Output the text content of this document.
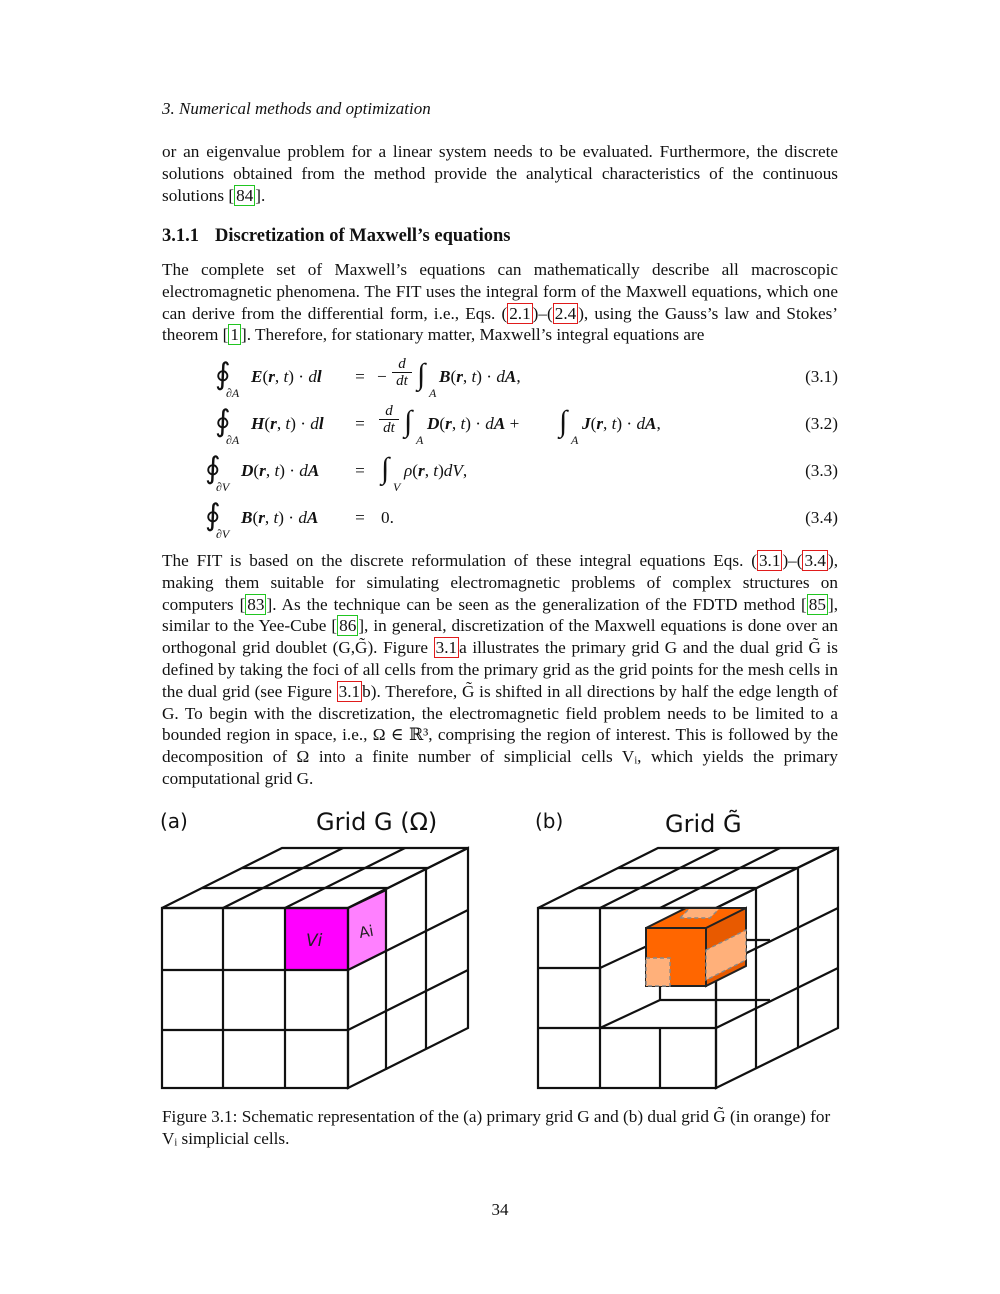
3. Numerical methods and optimization
or an eigenvalue problem for a linear system needs to be evaluated. Furthermore, the discrete solutions obtained from the method provide the analytical characteristics of the continuous solutions [ 84 ].
3.1.1 Discretization of Maxwell’s equations
The complete set of Maxwell’s equations can mathematically describe all macroscopic electromagnetic phenomena. The FIT uses the integral form of the Maxwell equations, which one can derive from the differential form, i.e., Eqs. ( 2.1 )–( 2.4 ), using the Gauss’s law and Stokes’ theorem [ 1 ]. Therefore, for stationary matter, Maxwell’s integral equations are
∮
∂A
E(r, t) · dl = − $\frac{d}{dt}$ ∫
A
B(r, t) · dA,	(3.1)
∮
∂A
H(r, t) · dl = $\frac{d}{dt}$ ∫
A
D(r, t) · dA + ∫
A
J(r, t) · dA,	(3.2)
∮
∂V
D(r, t) · dA = ∫
V
ρ(r, t)dV,	(3.3)
∮
∂V
B(r, t) · dA = 0.	(3.4)
The FIT is based on the discrete reformulation of these integral equations Eqs. ( 3.1 )–( 3.4 ), making them suitable for simulating electromagnetic problems of complex structures on computers [ 83 ]. As the technique can be seen as the generalization of the FDTD method [ 85 ], similar to the Yee-Cube [ 86 ], in general, discretization of the Maxwell equations is done over an orthogonal grid doublet (G,G̃). Figure 3.1 a illustrates the primary grid G and the dual grid G̃ is defined by taking the foci of all cells from the primary grid as the grid points for the mesh cells in the dual grid (see Figure 3.1 b). Therefore, G̃ is shifted in all directions by half the edge length of G. To begin with the discretization, the electromagnetic field problem needs to be limited to a bounded region in space, i.e., Ω ∈ ℝ³, comprising the region of interest. This is followed by the decomposition of Ω into a finite number of simplicial cells Vᵢ, which yields the primary computational grid G.
(a)	Grid G (Ω)	(b)	Grid G̃
Vi Ai
Figure 3.1: Schematic representation of the (a) primary grid G and (b) dual grid G̃ (in orange) for Vᵢ simplicial cells.
34
